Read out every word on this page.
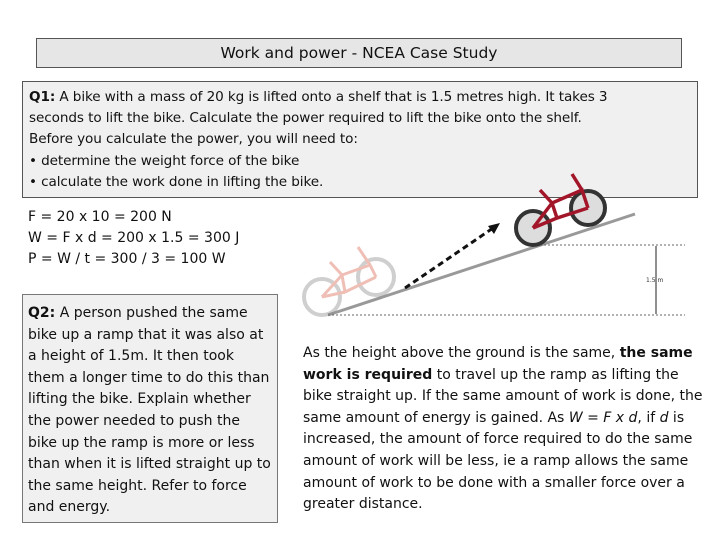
Work and power - NCEA Case Study
Q1: A bike with a mass of 20 kg is lifted onto a shelf that is 1.5 metres high. It takes 3
seconds to lift the bike. Calculate the power required to lift the bike onto the shelf.
Before you calculate the power, you will need to:
• determine the weight force of the bike
• calculate the work done in lifting the bike.
F = 20 x 10 = 200 N
W = F x d = 200 x 1.5 = 300 J
P = W / t = 300 / 3 = 100 W
1.5 m
Q2: A person pushed the same bike up a ramp that it was also at a height of 1.5m. It then took them a longer time to do this than lifting the bike. Explain whether the power needed to push the bike up the ramp is more or less than when it is lifted straight up to the same height. Refer to force and energy.
As the height above the ground is the same, the same work is required to travel up the ramp as lifting the bike straight up. If the same amount of work is done, the same amount of energy is gained. As W = F x d, if d is increased, the amount of force required to do the same amount of work will be less, ie a ramp allows the same amount of work to be done with a smaller force over a greater distance.
